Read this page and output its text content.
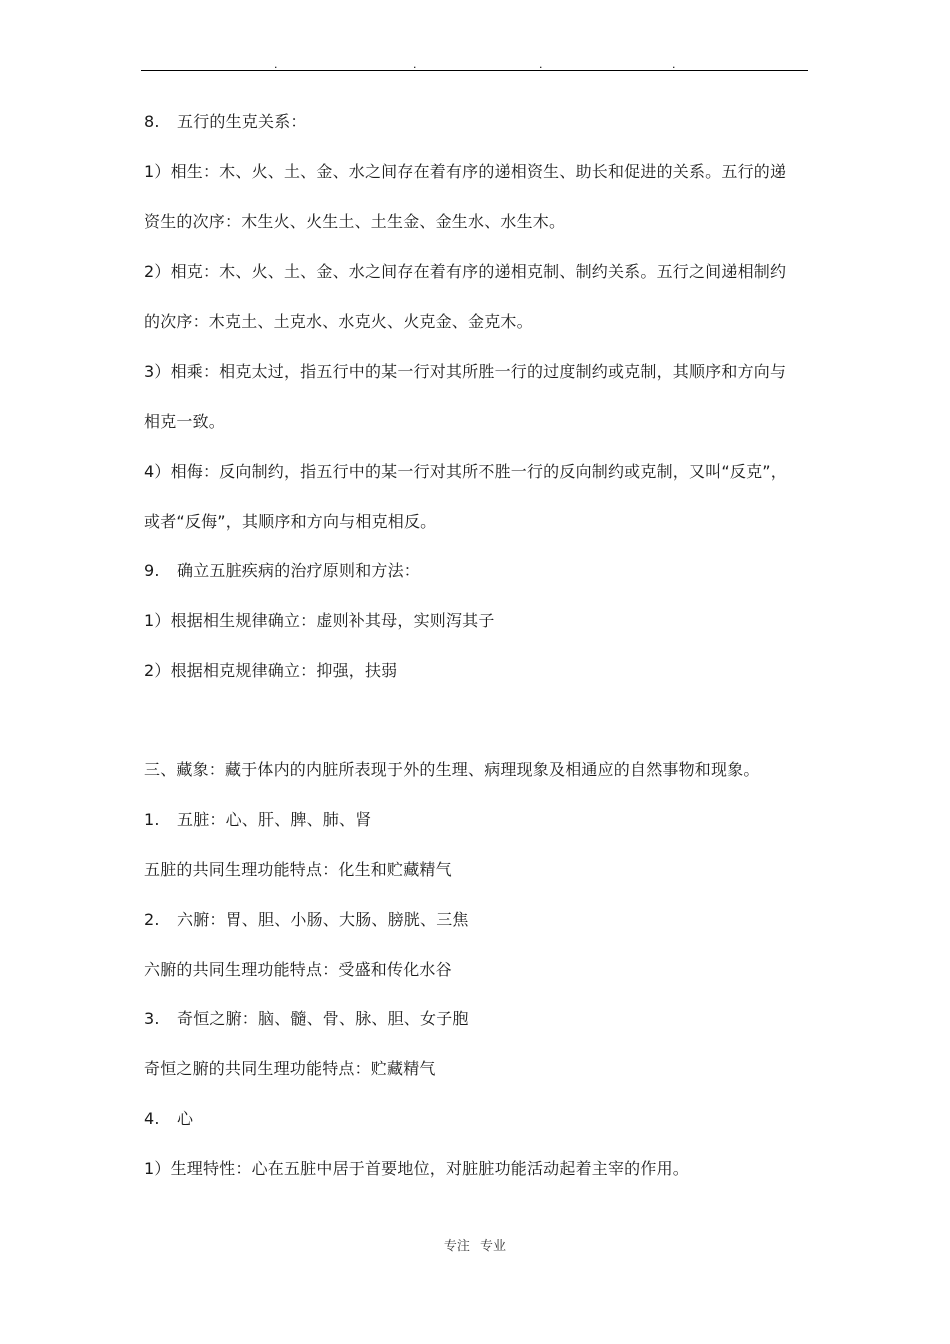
.	.	.	.
8. 五行的生克关系：
1）相生：木、火、土、金、水之间存在着有序的递相资生、助长和促进的关系。五行的递
资生的次序：木生火、火生土、土生金、金生水、水生木。
2）相克：木、火、土、金、水之间存在着有序的递相克制、制约关系。五行之间递相制约
的次序：木克土、土克水、水克火、火克金、金克木。
3）相乘：相克太过，指五行中的某一行对其所胜一行的过度制约或克制，其顺序和方向与
相克一致。
4）相侮：反向制约，指五行中的某一行对其所不胜一行的反向制约或克制，又叫“反克”，
或者“反侮”，其顺序和方向与相克相反。
9. 确立五脏疾病的治疗原则和方法：
1）根据相生规律确立：虚则补其母，实则泻其子
2）根据相克规律确立：抑强，扶弱
三、藏象：藏于体内的内脏所表现于外的生理、病理现象及相通应的自然事物和现象。
1. 五脏：心、肝、脾、肺、肾
五脏的共同生理功能特点：化生和贮藏精气
2. 六腑：胃、胆、小肠、大肠、膀胱、三焦
六腑的共同生理功能特点：受盛和传化水谷
3. 奇恒之腑：脑、髓、骨、脉、胆、女子胞
奇恒之腑的共同生理功能特点：贮藏精气
4. 心
1）生理特性：心在五脏中居于首要地位，对脏脏功能活动起着主宰的作用。
专注 专业
